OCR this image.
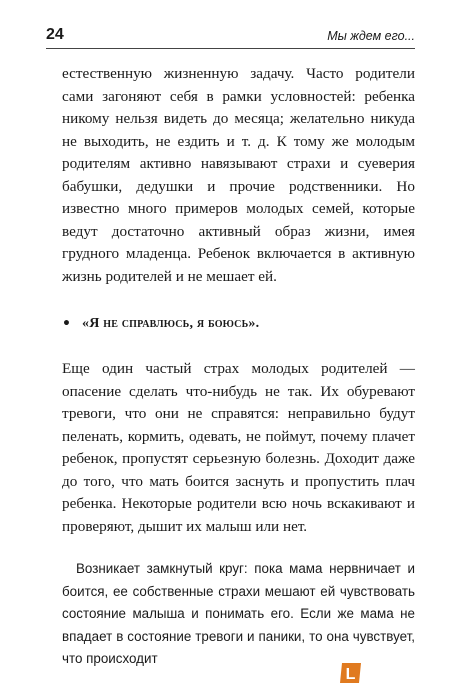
24	Мы ждем его...

естественную жизненную задачу. Часто родители сами загоняют себя в рамки условностей: ребенка никому нельзя видеть до месяца; желательно никуда не выходить, не ездить и т. д. К тому же молодым родителям активно навязывают страхи и суеверия бабушки, дедушки и прочие родственники. Но известно много примеров молодых семей, которые ведут достаточно активный образ жизни, имея грудного младенца. Ребенок включается в активную жизнь родителей и не мешает ей.

• «Я не справлюсь, я боюсь».

Еще один частый страх молодых родителей — опасение сделать что-нибудь не так. Их обуревают тревоги, что они не справятся: неправильно будут пеленать, кормить, одевать, не поймут, почему плачет ребенок, пропустят серьезную болезнь. Доходит даже до того, что мать боится заснуть и пропустить плач ребенка. Некоторые родители всю ночь вскакивают и проверяют, дышит их малыш или нет.

Возникает замкнутый круг: пока мама нервничает и боится, ее собственные страхи мешают ей чувствовать состояние малыша и понимать его. Если же мама не впадает в состояние тревоги и паники, то она чувствует, что происходит

L
